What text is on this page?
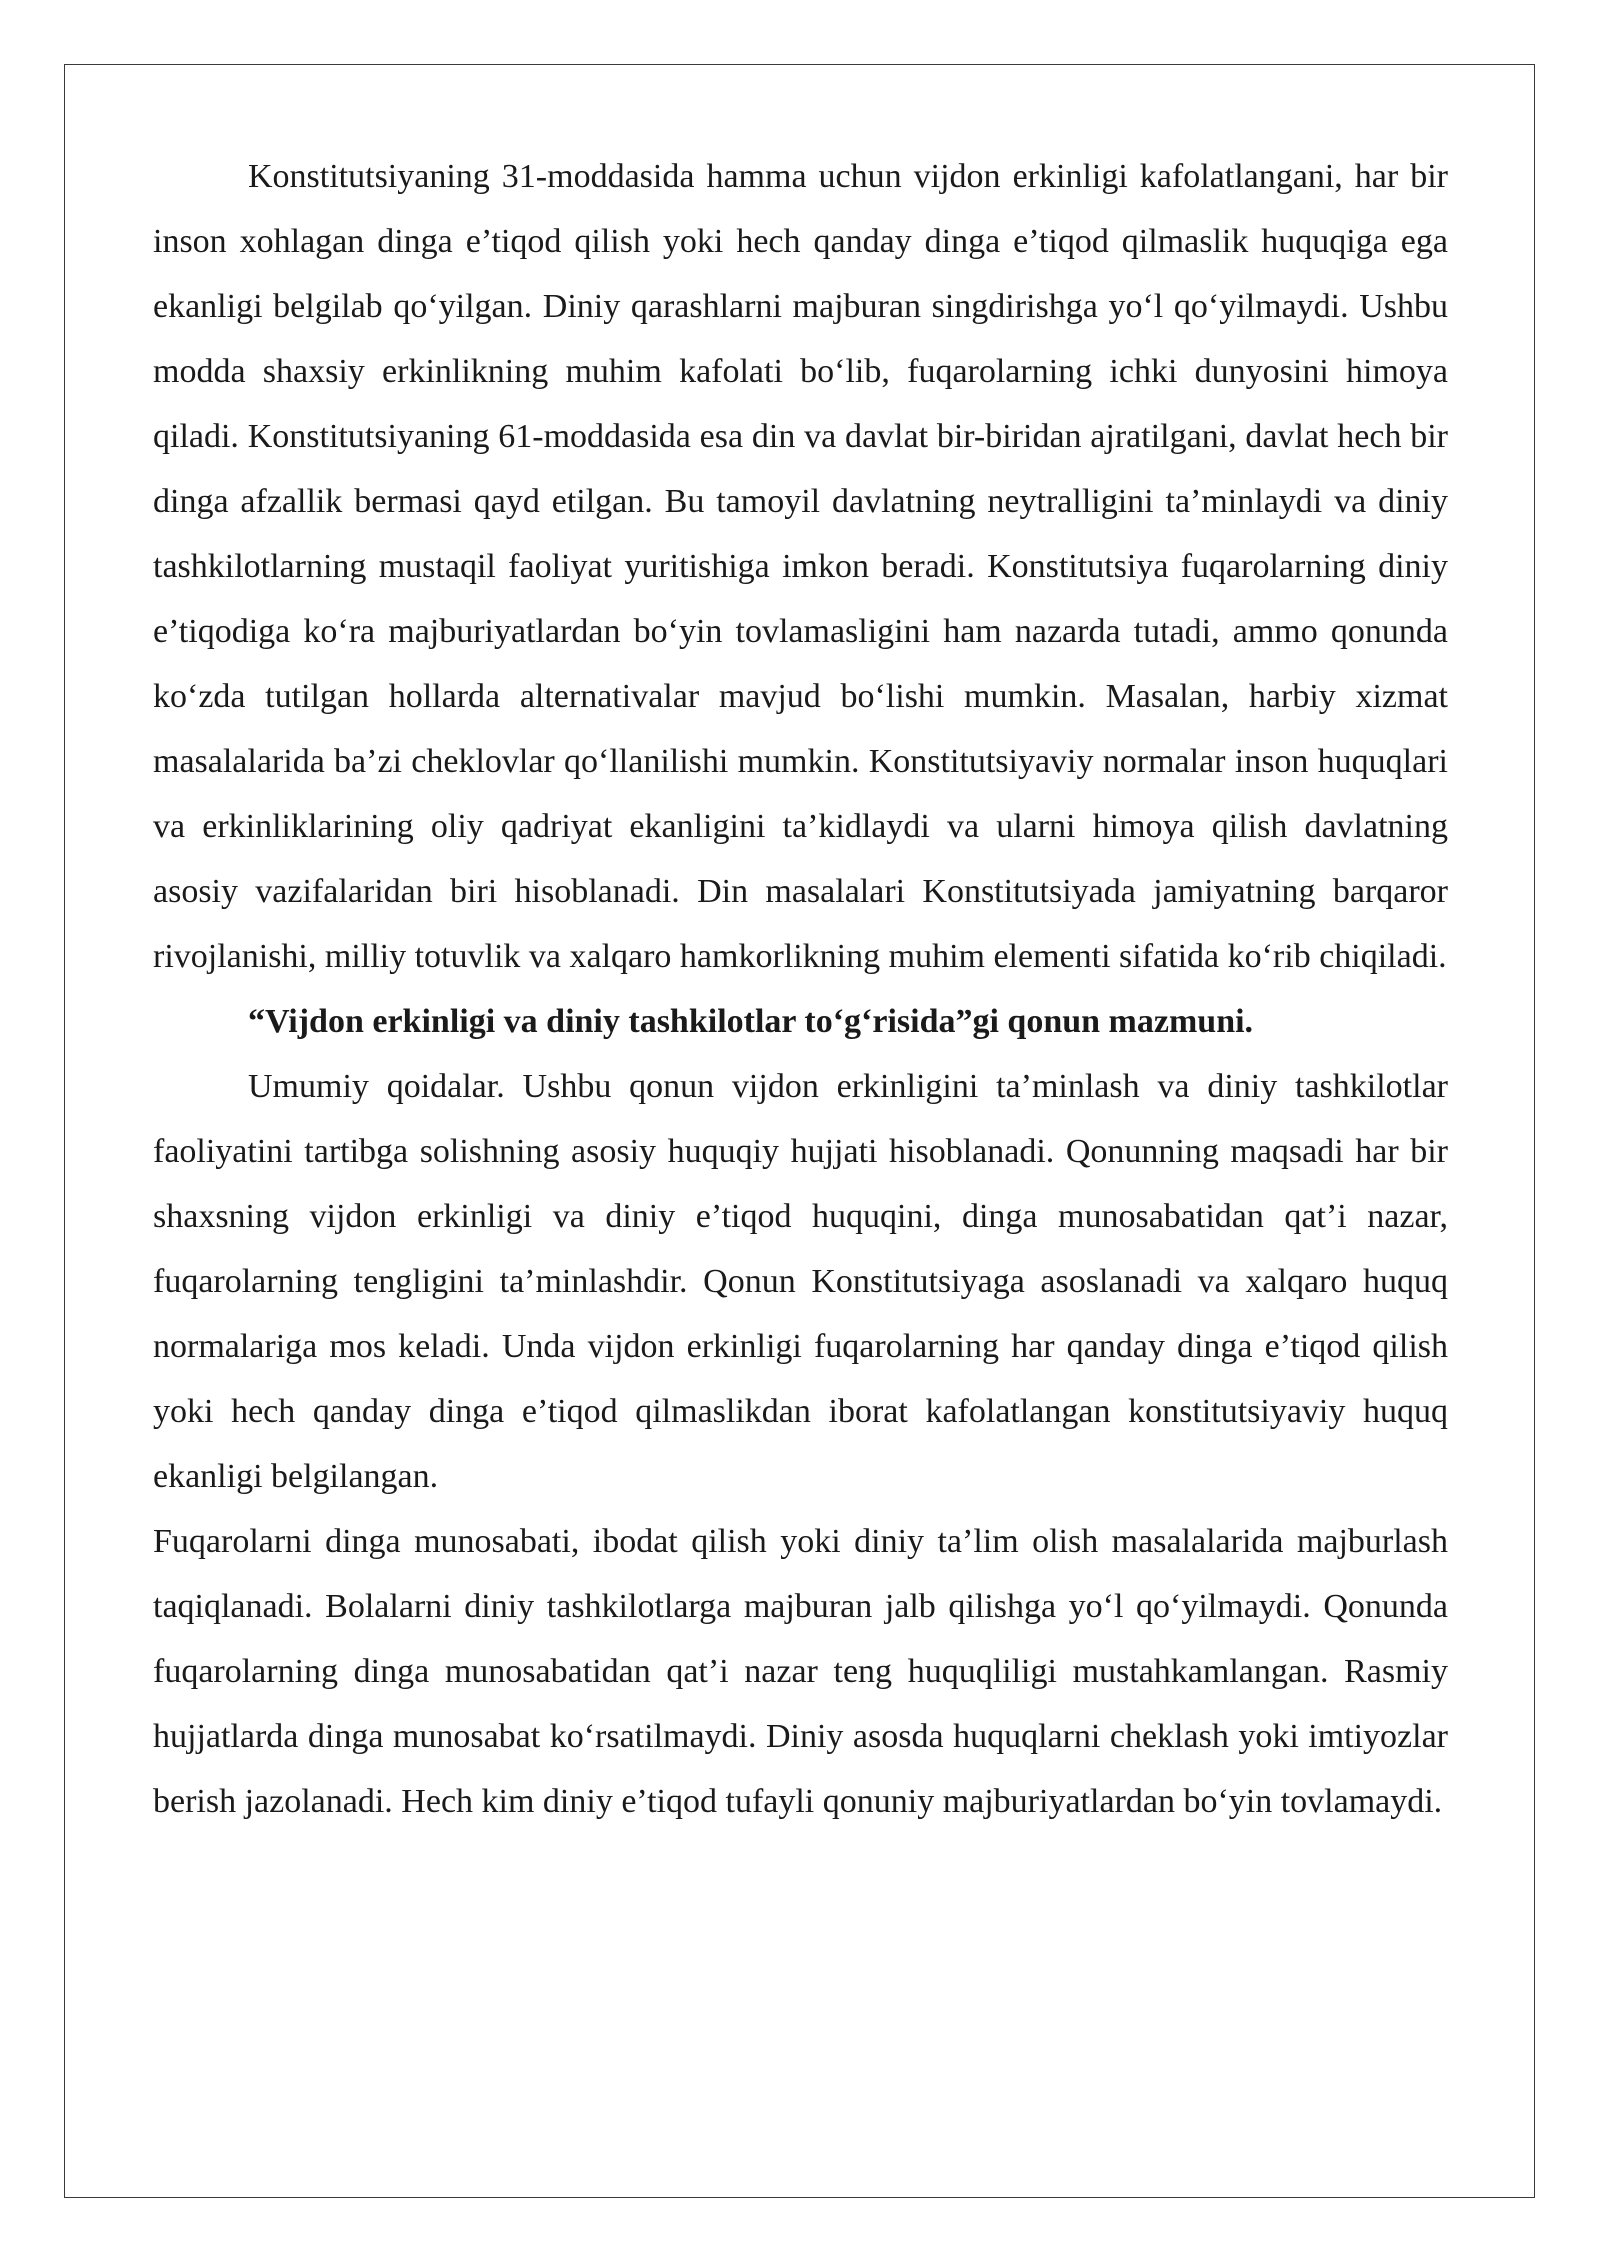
Konstitutsiyaning 31-moddasida hamma uchun vijdon erkinligi kafolatlangani, har bir inson xohlagan dinga e’tiqod qilish yoki hech qanday dinga e’tiqod qilmaslik huquqiga ega ekanligi belgilab qo‘yilgan. Diniy qarashlarni majburan singdirishga yo‘l qo‘yilmaydi. Ushbu modda shaxsiy erkinlikning muhim kafolati bo‘lib, fuqarolarning ichki dunyosini himoya qiladi. Konstitutsiyaning 61-moddasida esa din va davlat bir-biridan ajratilgani, davlat hech bir dinga afzallik bermasi qayd etilgan. Bu tamoyil davlatning neytralligini ta’minlaydi va diniy tashkilotlarning mustaqil faoliyat yuritishiga imkon beradi. Konstitutsiya fuqarolarning diniy e’tiqodiga ko‘ra majburiyatlardan bo‘yin tovlamasligini ham nazarda tutadi, ammo qonunda ko‘zda tutilgan hollarda alternativalar mavjud bo‘lishi mumkin. Masalan, harbiy xizmat masalalarida ba’zi cheklovlar qo‘llanilishi mumkin. Konstitutsiyaviy normalar inson huquqlari va erkinliklarining oliy qadriyat ekanligini ta’kidlaydi va ularni himoya qilish davlatning asosiy vazifalaridan biri hisoblanadi. Din masalalari Konstitutsiyada jamiyatning barqaror rivojlanishi, milliy totuvlik va xalqaro hamkorlikning muhim elementi sifatida ko‘rib chiqiladi.

“Vijdon erkinligi va diniy tashkilotlar to‘g‘risida”gi qonun mazmuni.

Umumiy qoidalar. Ushbu qonun vijdon erkinligini ta’minlash va diniy tashkilotlar faoliyatini tartibga solishning asosiy huquqiy hujjati hisoblanadi. Qonunning maqsadi har bir shaxsning vijdon erkinligi va diniy e’tiqod huquqini, dinga munosabatidan qat’i nazar, fuqarolarning tengligini ta’minlashdir. Qonun Konstitutsiyaga asoslanadi va xalqaro huquq normalariga mos keladi. Unda vijdon erkinligi fuqarolarning har qanday dinga e’tiqod qilish yoki hech qanday dinga e’tiqod qilmaslikdan iborat kafolatlangan konstitutsiyaviy huquq ekanligi belgilangan.

Fuqarolarni dinga munosabati, ibodat qilish yoki diniy ta’lim olish masalalarida majburlash taqiqlanadi. Bolalarni diniy tashkilotlarga majburan jalb qilishga yo‘l qo‘yilmaydi. Qonunda fuqarolarning dinga munosabatidan qat’i nazar teng huquqliligi mustahkamlangan. Rasmiy hujjatlarda dinga munosabat ko‘rsatilmaydi. Diniy asosda huquqlarni cheklash yoki imtiyozlar berish jazolanadi. Hech kim diniy e’tiqod tufayli qonuniy majburiyatlardan bo‘yin tovlamaydi.
